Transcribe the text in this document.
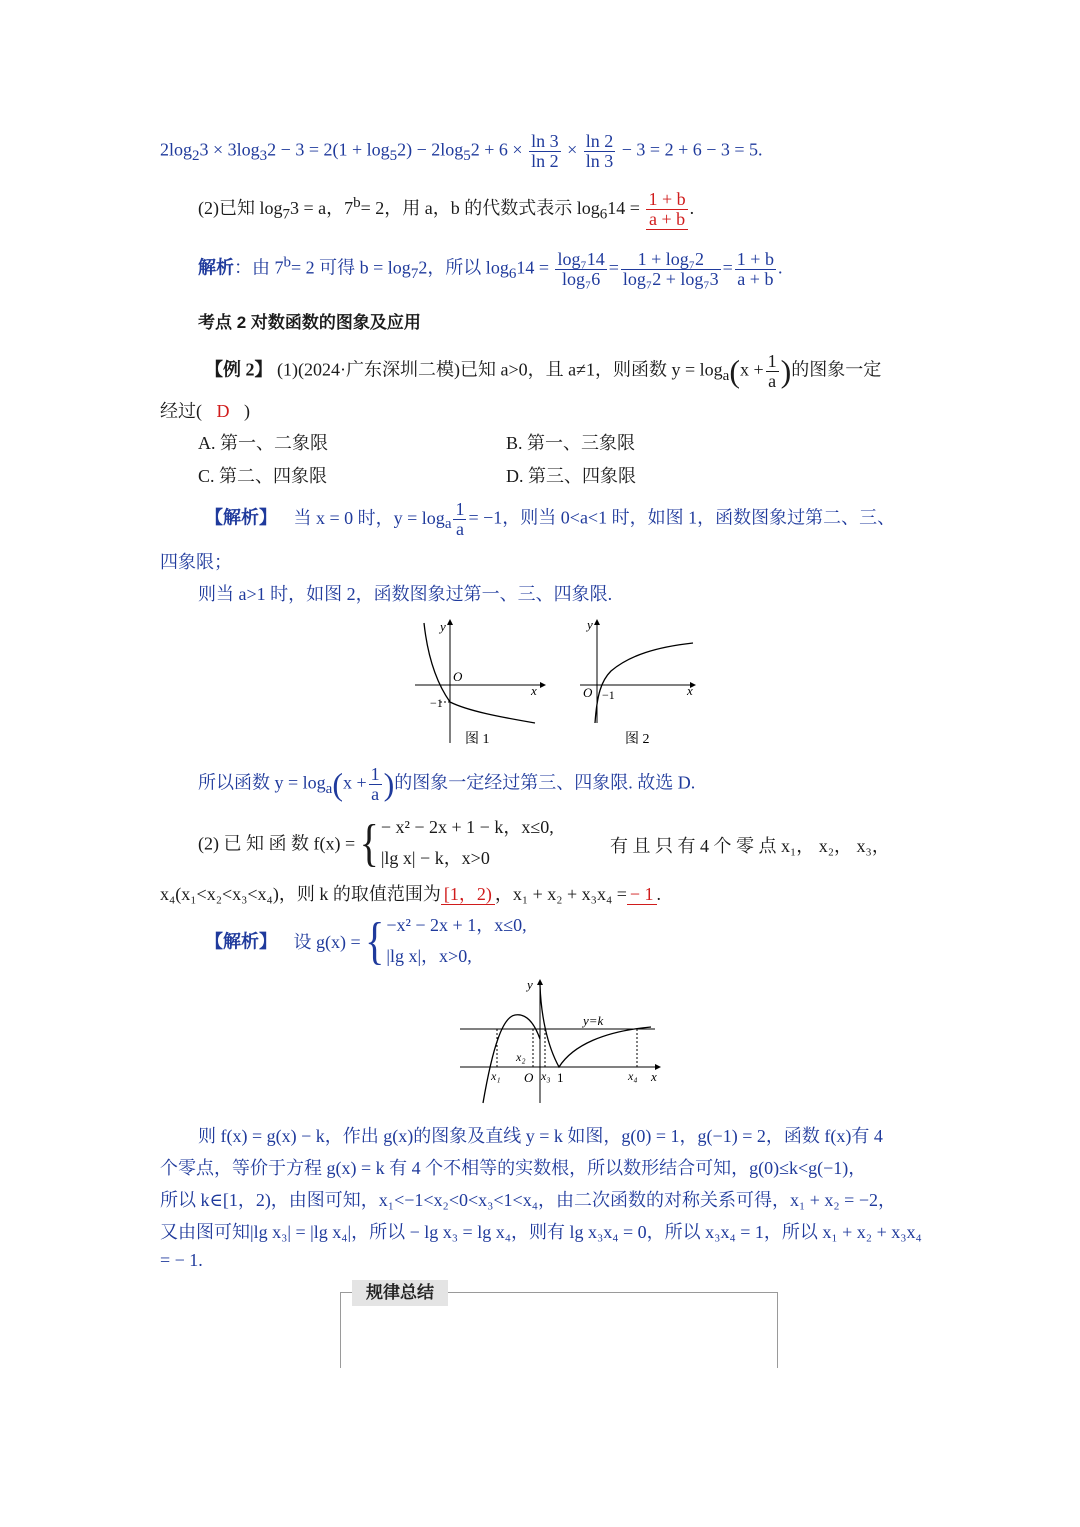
$2\log_23 \times 3\log_32 - 3 = 2(1 + \log_52) - 2\log_52 + 6 \times \frac{\ln 3}{\ln 2} \times \frac{\ln 2}{\ln 3} - 3 = 2 + 6 - 3 = 5$.
(2)已知 $\log_73 = a$，$7^b= 2$，用 a，b 的代数式表示 $\log_614 = \frac{1 + b}{a + b}$ .
解析：由 $7^b= 2$ 可得 $b = \log_72$，所以 $\log_614 = \frac{\text{log₇14}}{\text{log₇6}} = \frac{\text{1 + log₇2}}{\text{log₇2 + log₇3}} = \frac{1 + b}{a + b}$ .
考点 2 对数函数的图象及应用
【例 2】 (1)(2024·广东深圳二模)已知 a>0，且 a≠1，则函数 $y = \log_a(x + \frac{1}{a}$ )的图象一定
经过( D )
A. 第一、二象限	B. 第一、三象限
C. 第二、四象限	D. 第三、四象限
【解析】 当 x = 0 时，$y = \log_a \frac{1}{a} = -1$，则当 0<a<1 时，如图 1，函数图象过第二、三、
四象限；
则当 a>1 时，如图 2，函数图象过第一、三、四象限.
y
x
O
−1
图 1
y
x
O −1
图 2
所以函数 $y = \log_a(x + \frac{1}{a}$ )的图象一定经过第三、四象限. 故选 D.
(2) 已 知 函 数 f(x) = { − x² − 2x + 1 − k，x≤0,
|lg x| − k，x>0
有 且 只 有 4 个 零 点 x₁， x₂， x₃，
x₄(x₁<x₂<x₃<x₄)，则 k 的取值范围为 [1，2) ，x₁ + x₂ + x₃x₄ = − 1 .
【解析】 设 g(x) = { −x² − 2x + 1，x≤0,
|lg x|，x>0,
y
x
y=k
x₁
x₂
O x₃ 1	x₄
则 f(x) = g(x) − k，作出 g(x)的图象及直线 y = k 如图，g(0) = 1，g(−1) = 2，函数 f(x)有 4
个零点，等价于方程 g(x) = k 有 4 个不相等的实数根，所以数形结合可知，g(0)≤k<g(−1)，
所以 k∈[1，2)，由图可知，x₁<−1<x₂<0<x₃<1<x₄，由二次函数的对称关系可得，x₁ + x₂ = −2，
又由图可知|lg x₃| = |lg x₄|，所以 − lg x₃ = lg x₄，则有 lg x₃x₄ = 0，所以 x₃x₄ = 1，所以 x₁ + x₂ + x₃x₄
= − 1.
规律总结
